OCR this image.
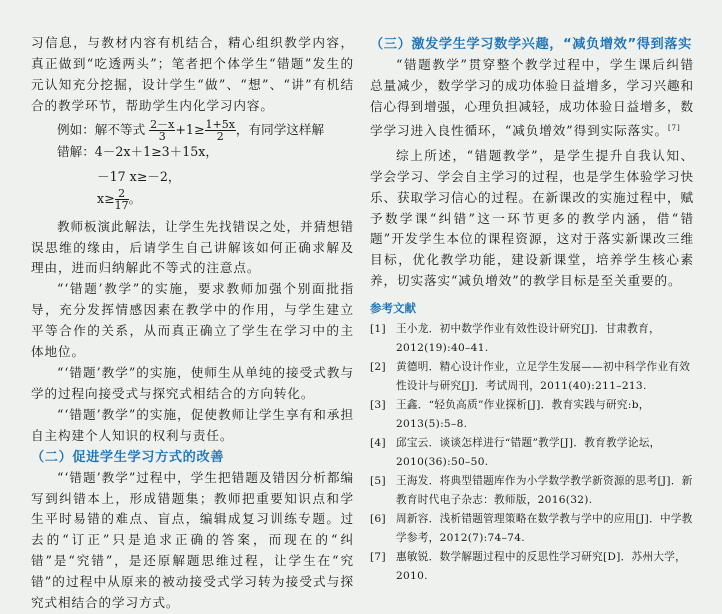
习信息，与教材内容有机结合，精心组织教学内容，真正做到“吃透两头”；笔者把个体学生“错题”发生的元认知充分挖掘，设计学生“做”、“想”、“讲”有机结合的教学环节，帮助学生内化学习内容。

例如：解不等式 $\frac{2-x}{3} +1\ge \frac{1+5x}{2}$ ，有同学这样解
错解：4－2x＋1≥3＋15x，
－17 x≥－2，
$x\ge \frac{2}{17}$ 。

教师板演此解法，让学生先找错误之处，并猜想错误思维的缘由，后请学生自己讲解该如何正确求解及理由，进而归纳解此不等式的注意点。

“‘错题’教学”的实施，要求教师加强个别面批指导，充分发挥情感因素在教学中的作用，与学生建立平等合作的关系，从而真正确立了学生在学习中的主体地位。

“‘错题’教学”的实施，使师生从单纯的接受式教与学的过程向接受式与探究式相结合的方向转化。

“‘错题’教学”的实施，促使教师让学生享有和承担自主构建个人知识的权利与责任。

（二）促进学生学习方式的改善

“‘错题’教学”过程中，学生把错题及错因分析都编写到纠错本上，形成错题集；教师把重要知识点和学生平时易错的难点、盲点，编辑成复习训练专题。过去的“订正”只是追求正确的答案，而现在的“纠错”是“究错”，是还原解题思维过程，让学生在“究错”的过程中从原来的被动接受式学习转为接受式与探究式相结合的学习方式。

（三）激发学生学习数学兴趣，“减负增效”得到落实

“错题教学”贯穿整个教学过程中，学生课后纠错总量减少，数学学习的成功体验日益增多，学习兴趣和信心得到增强，心理负担减轻，成功体验日益增多，数学学习进入良性循环，“减负增效”得到实际落实。[7]

综上所述，“错题教学”，是学生提升自我认知、学会学习、学会自主学习的过程，也是学生体验学习快乐、获取学习信心的过程。在新课改的实施过程中，赋予数学课“纠错”这一环节更多的教学内涵，借“错题”开发学生本位的课程资源，这对于落实新课改三维目标，优化教学功能，建设新课堂，培养学生核心素养，切实落实“减负增效”的教学目标是至关重要的。

参考文献

[1] 王小龙．初中数学作业有效性设计研究[J]．甘肃教育，2012(19):40–41.
[2] 黄德明．精心设计作业，立足学生发展——初中科学作业有效性设计与研究[J]．考试周刊，2011(40):211–213.
[3] 王鑫．“轻负高质”作业探析[J]．教育实践与研究:b，2013(5):5–8.
[4] 邱宝云．谈谈怎样进行“错题”教学[J]．教育教学论坛，2010(36):50–50.
[5] 王海发．将典型错题库作为小学数学教学新资源的思考[J]．新教育时代电子杂志：教师版，2016(32).
[6] 周新容．浅析错题管理策略在数学教与学中的应用[J]．中学教学参考，2012(7):74–74.
[7] 惠敏锐．数学解题过程中的反思性学习研究[D]．苏州大学，2010.
